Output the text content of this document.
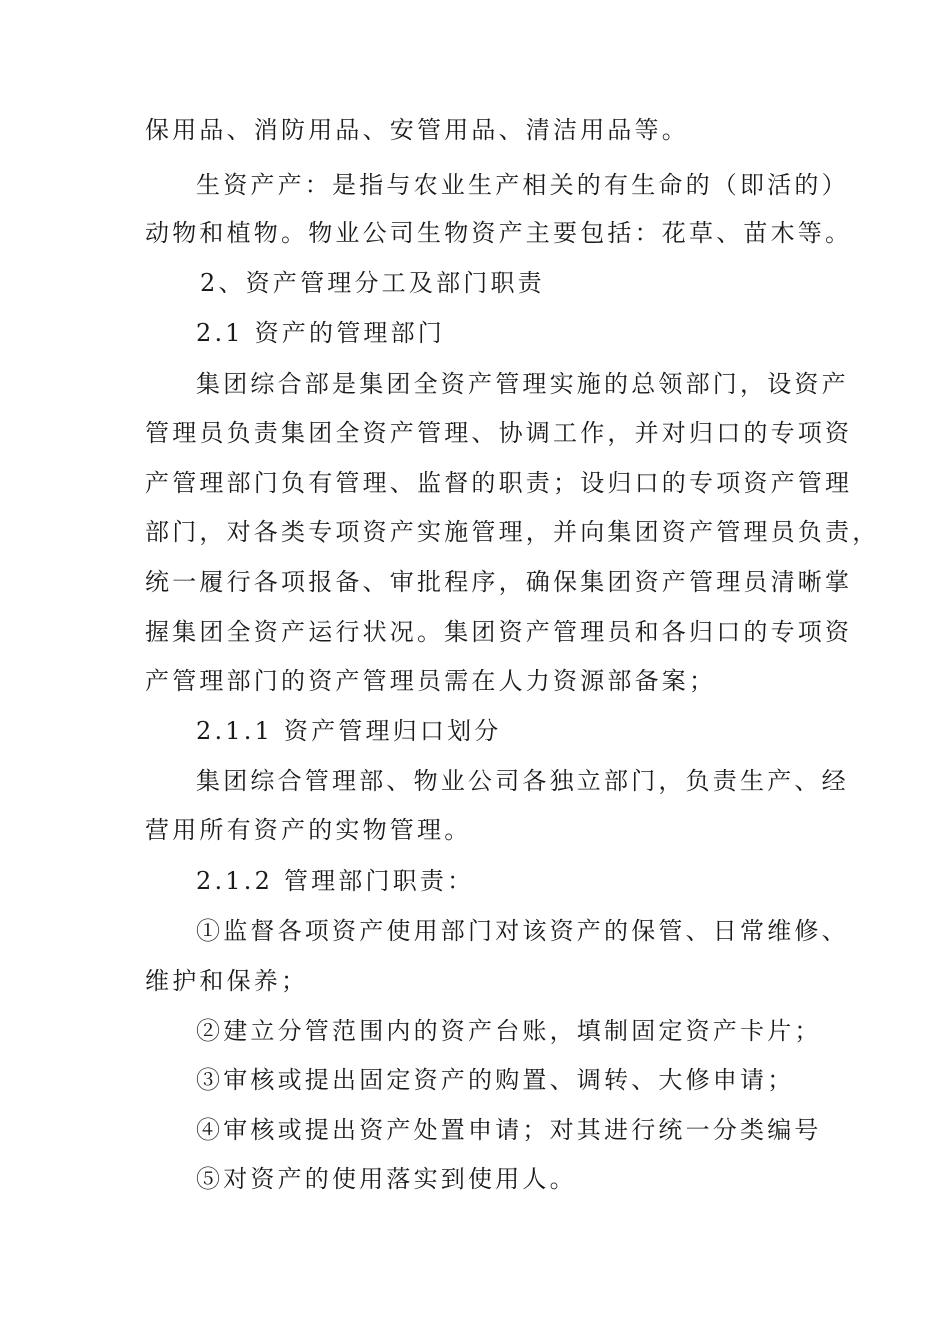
保用品、消防用品、安管用品、清洁用品等。
生资产产：是指与农业生产相关的有生命的（即活的）
动物和植物。物业公司生物资产主要包括：花草、苗木等。
2、资产管理分工及部门职责
2.1 资产的管理部门
集团综合部是集团全资产管理实施的总领部门，设资产
管理员负责集团全资产管理、协调工作，并对归口的专项资
产管理部门负有管理、监督的职责；设归口的专项资产管理
部门，对各类专项资产实施管理，并向集团资产管理员负责，
统一履行各项报备、审批程序，确保集团资产管理员清晰掌
握集团全资产运行状况。集团资产管理员和各归口的专项资
产管理部门的资产管理员需在人力资源部备案；
2.1.1 资产管理归口划分
集团综合管理部、物业公司各独立部门，负责生产、经
营用所有资产的实物管理。
2.1.2 管理部门职责：
①监督各项资产使用部门对该资产的保管、日常维修、
维护和保养；
②建立分管范围内的资产台账，填制固定资产卡片；
③审核或提出固定资产的购置、调转、大修申请；
④审核或提出资产处置申请；对其进行统一分类编号
⑤对资产的使用落实到使用人。
